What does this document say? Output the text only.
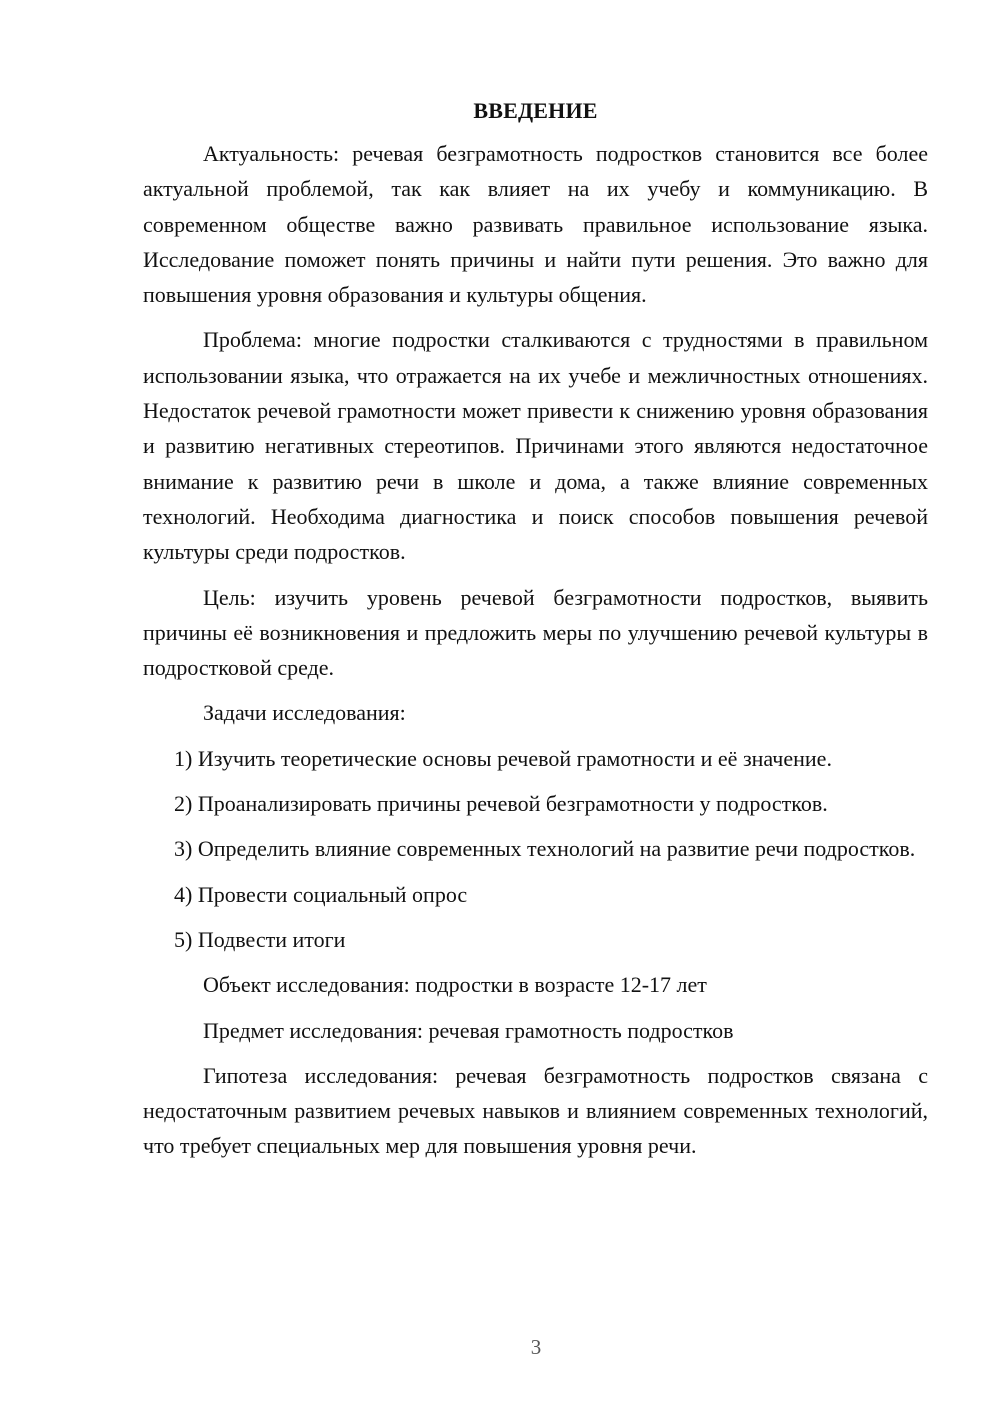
ВВЕДЕНИЕ

Актуальность: речевая безграмотность подростков становится все более актуальной проблемой, так как влияет на их учебу и коммуникацию. В современном обществе важно развивать правильное использование языка. Исследование поможет понять причины и найти пути решения. Это важно для повышения уровня образования и культуры общения.

Проблема: многие подростки сталкиваются с трудностями в правильном использовании языка, что отражается на их учебе и межличностных отношениях. Недостаток речевой грамотности может привести к снижению уровня образования и развитию негативных стереотипов. Причинами этого являются недостаточное внимание к развитию речи в школе и дома, а также влияние современных технологий. Необходима диагностика и поиск способов повышения речевой культуры среди подростков.

Цель: изучить уровень речевой безграмотности подростков, выявить причины её возникновения и предложить меры по улучшению речевой культуры в подростковой среде.

Задачи исследования:

1) Изучить теоретические основы речевой грамотности и её значение.

2) Проанализировать причины речевой безграмотности у подростков.

3) Определить влияние современных технологий на развитие речи подростков.

4) Провести социальный опрос

5) Подвести итоги

Объект исследования: подростки в возрасте 12-17 лет

Предмет исследования: речевая грамотность подростков

Гипотеза исследования: речевая безграмотность подростков связана с недостаточным развитием речевых навыков и влиянием современных технологий, что требует специальных мер для повышения уровня речи.

3
